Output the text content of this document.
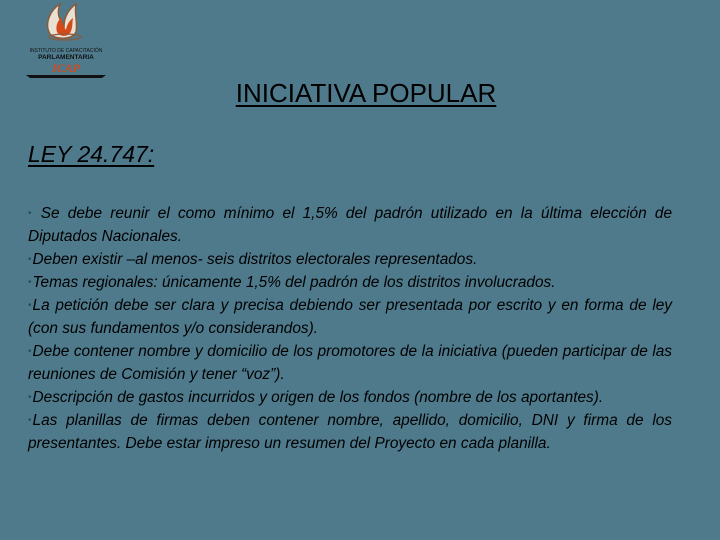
INSTITUTO DE CAPACITACIÓN
PARLAMENTARIA
ICAP
INICIATIVA POPULAR
LEY 24.747:
• Se debe reunir el como mínimo el 1,5% del padrón utilizado en la última elección de Diputados Nacionales.
•Deben existir –al menos- seis distritos electorales representados.
•Temas regionales: únicamente 1,5% del padrón de los distritos involucrados.
•La petición debe ser clara y precisa debiendo ser presentada por escrito y en forma de ley (con sus fundamentos y/o considerandos).
•Debe contener nombre y domicilio de los promotores de la iniciativa (pueden participar de las reuniones de Comisión y tener “voz”).
•Descripción de gastos incurridos y origen de los fondos (nombre de los aportantes).
•Las planillas de firmas deben contener nombre, apellido, domicilio, DNI y firma de los presentantes. Debe estar impreso un resumen del Proyecto en cada planilla.
